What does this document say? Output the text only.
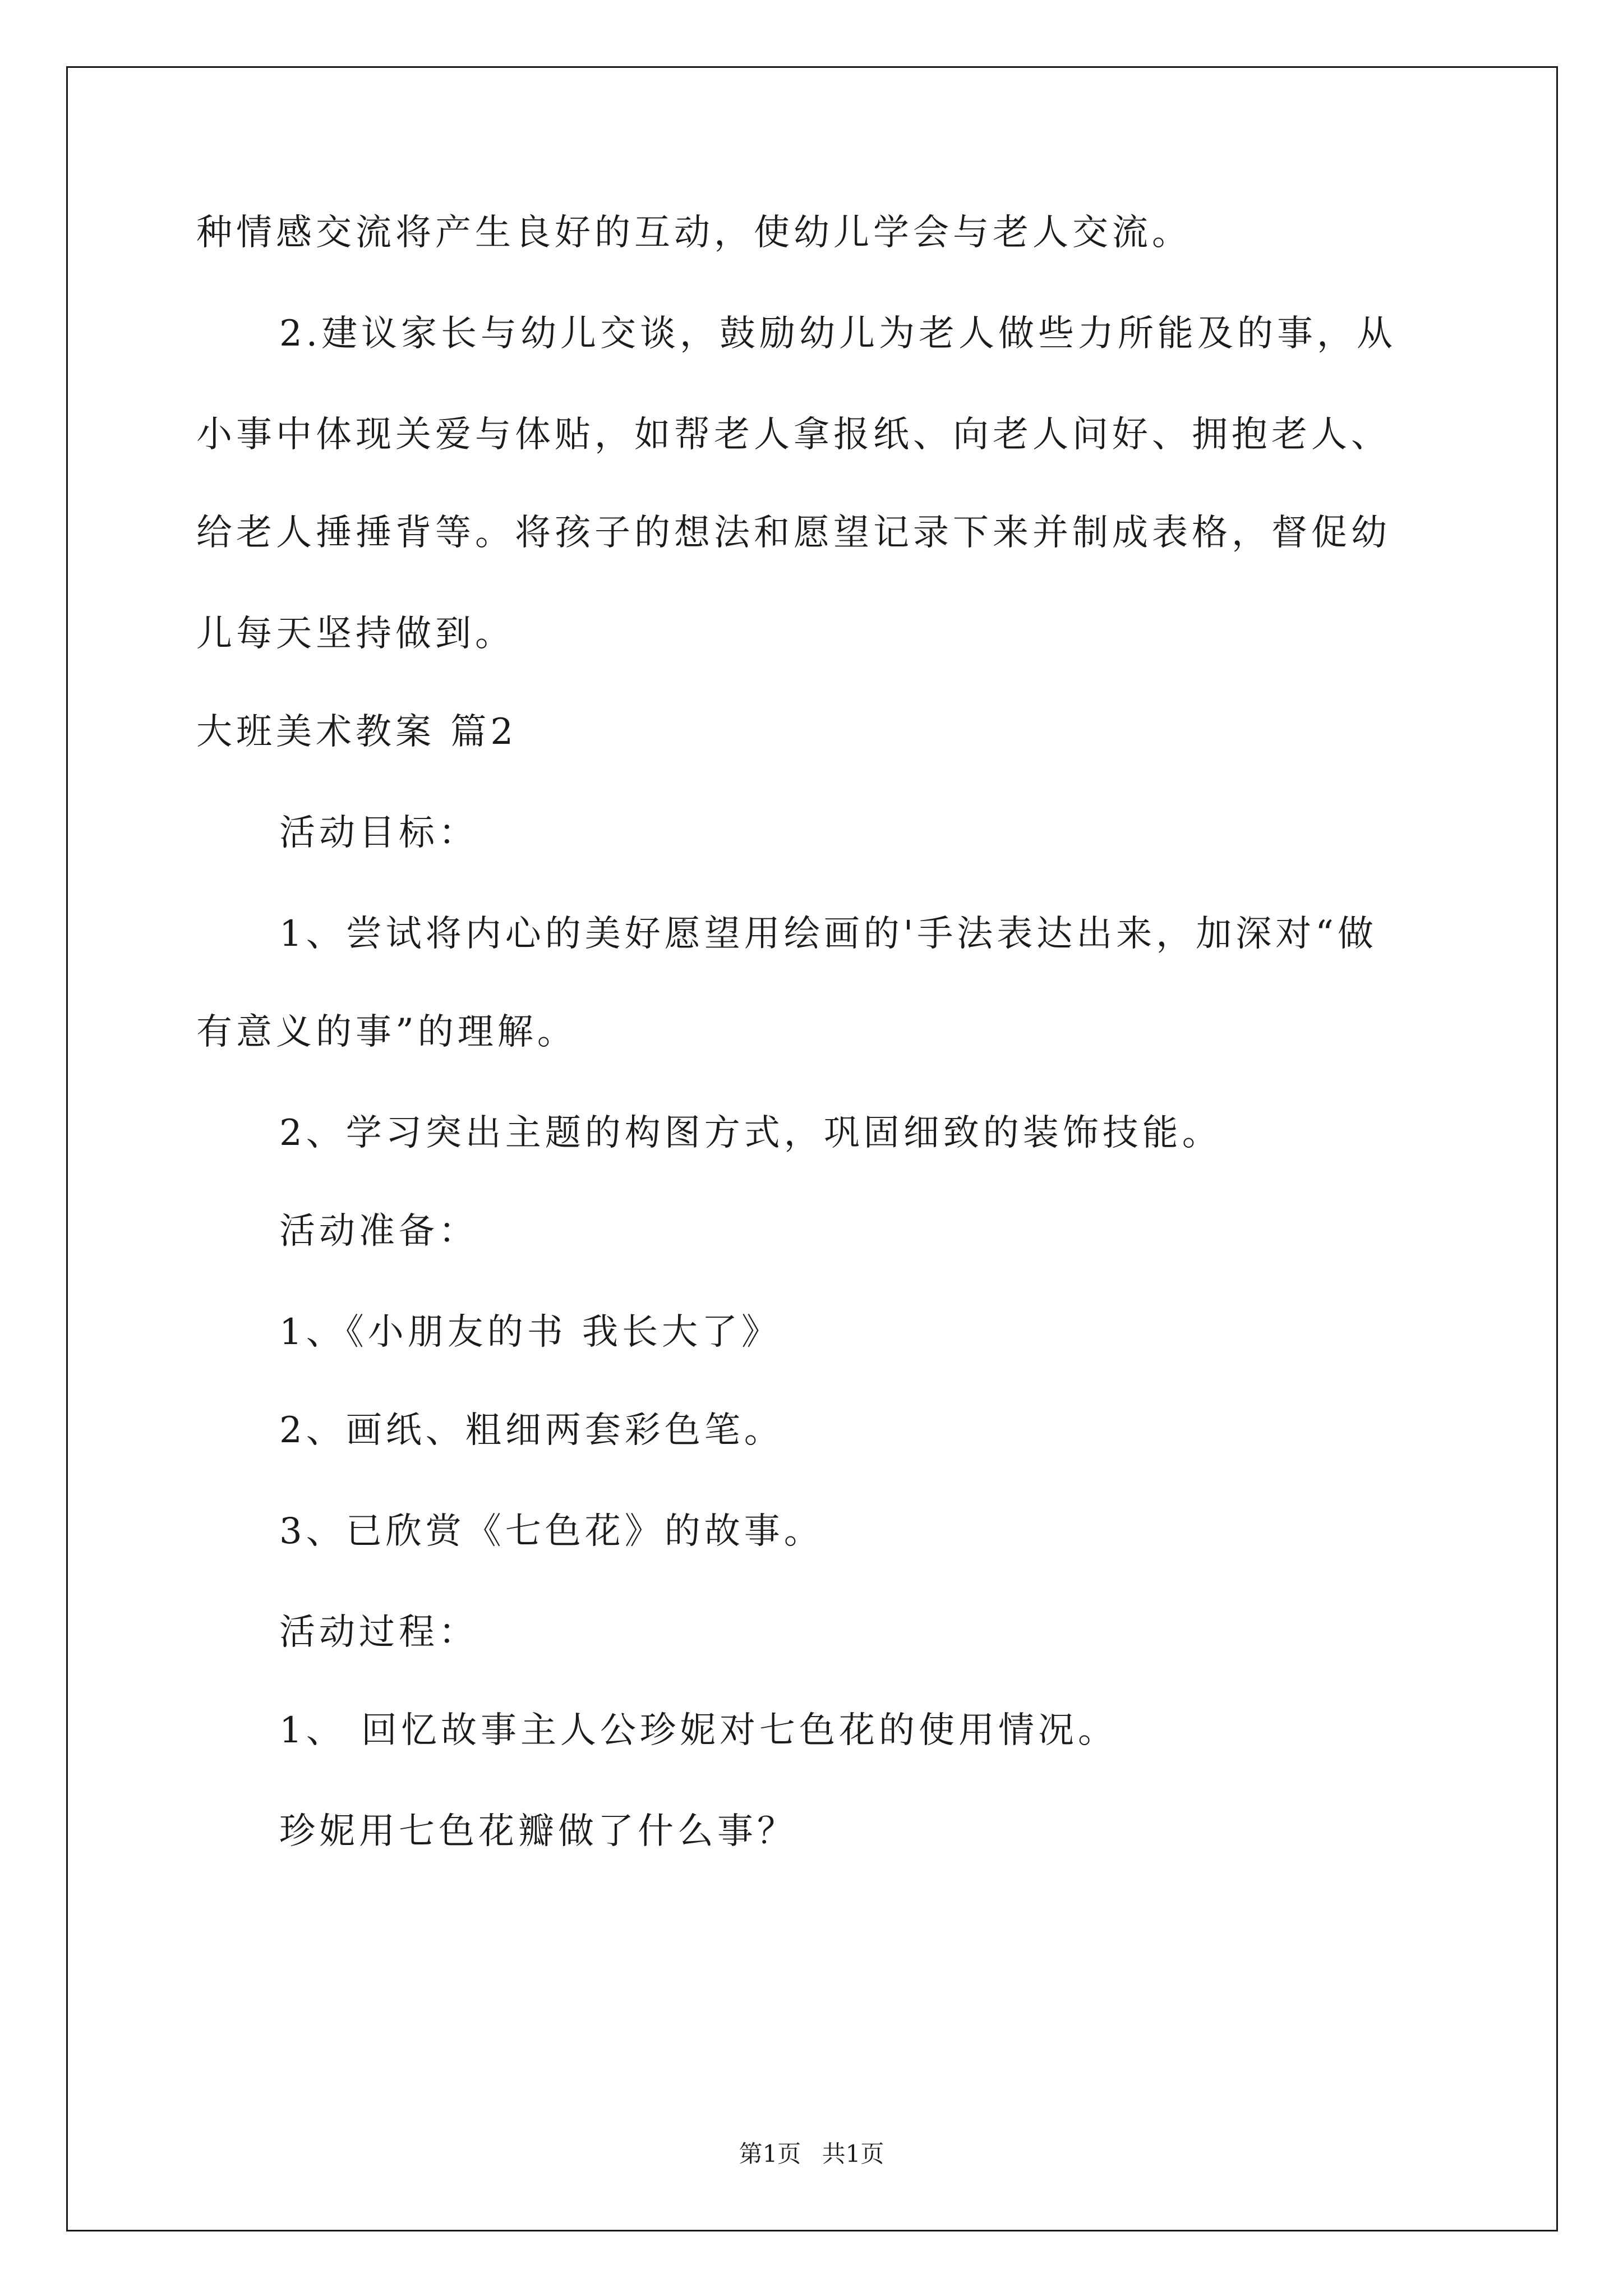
种情感交流将产生良好的互动，使幼儿学会与老人交流。
2.建议家长与幼儿交谈，鼓励幼儿为老人做些力所能及的事，从
小事中体现关爱与体贴，如帮老人拿报纸、向老人问好、拥抱老人、
给老人捶捶背等。将孩子的想法和愿望记录下来并制成表格，督促幼
儿每天坚持做到。
大班美术教案 篇2
活动目标：
1、尝试将内心的美好愿望用绘画的'手法表达出来，加深对“做
有意义的事”的理解。
2、学习突出主题的构图方式，巩固细致的装饰技能。
活动准备：
1、《小朋友的书 我长大了》
2、画纸、粗细两套彩色笔。
3、已欣赏《七色花》的故事。
活动过程：
1、 回忆故事主人公珍妮对七色花的使用情况。
珍妮用七色花瓣做了什么事？
第1页 共1页
